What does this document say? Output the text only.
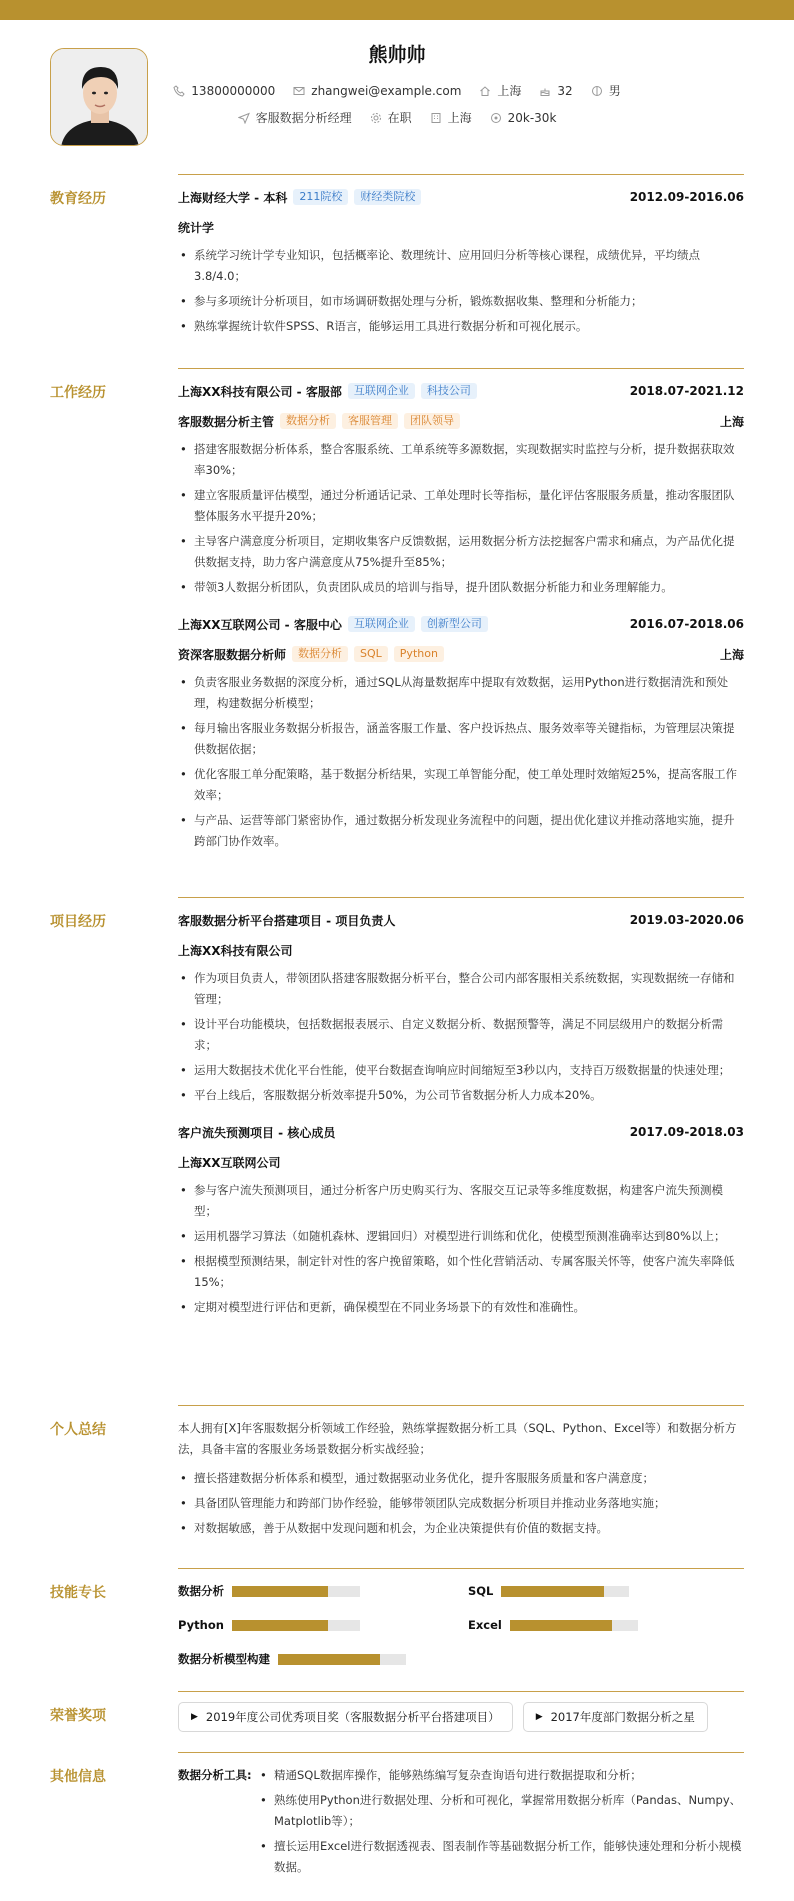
熊帅帅
13800000000	zhangwei@example.com	上海	32	男
客服数据分析经理	在职	上海	20k-30k
教育经历	上海财经大学 - 本科	211院校	财经类院校	2012.09-2016.06
统计学
• 系统学习统计学专业知识，包括概率论、数理统计、应用回归分析等核心课程，成绩优异，平均绩点3.8/4.0；
• 参与多项统计分析项目，如市场调研数据处理与分析，锻炼数据收集、整理和分析能力；
• 熟练掌握统计软件SPSS、R语言，能够运用工具进行数据分析和可视化展示。
工作经历	上海XX科技有限公司 - 客服部	互联网企业	科技公司	2018.07-2021.12
客服数据分析主管	数据分析	客服管理	团队领导	上海
• 搭建客服数据分析体系，整合客服系统、工单系统等多源数据，实现数据实时监控与分析，提升数据获取效率30%；
• 建立客服质量评估模型，通过分析通话记录、工单处理时长等指标，量化评估客服服务质量，推动客服团队整体服务水平提升20%；
• 主导客户满意度分析项目，定期收集客户反馈数据，运用数据分析方法挖掘客户需求和痛点，为产品优化提供数据支持，助力客户满意度从75%提升至85%；
• 带领3人数据分析团队，负责团队成员的培训与指导，提升团队数据分析能力和业务理解能力。
上海XX互联网公司 - 客服中心	互联网企业	创新型公司	2016.07-2018.06
资深客服数据分析师	数据分析	SQL	Python	上海
• 负责客服业务数据的深度分析，通过SQL从海量数据库中提取有效数据，运用Python进行数据清洗和预处理，构建数据分析模型；
• 每月输出客服业务数据分析报告，涵盖客服工作量、客户投诉热点、服务效率等关键指标，为管理层决策提供数据依据；
• 优化客服工单分配策略，基于数据分析结果，实现工单智能分配，使工单处理时效缩短25%，提高客服工作效率；
• 与产品、运营等部门紧密协作，通过数据分析发现业务流程中的问题，提出优化建议并推动落地实施，提升跨部门协作效率。
项目经历	客服数据分析平台搭建项目 - 项目负责人	2019.03-2020.06
上海XX科技有限公司
• 作为项目负责人，带领团队搭建客服数据分析平台，整合公司内部客服相关系统数据，实现数据统一存储和管理；
• 设计平台功能模块，包括数据报表展示、自定义数据分析、数据预警等，满足不同层级用户的数据分析需求；
• 运用大数据技术优化平台性能，使平台数据查询响应时间缩短至3秒以内，支持百万级数据量的快速处理；
• 平台上线后，客服数据分析效率提升50%，为公司节省数据分析人力成本20%。
客户流失预测项目 - 核心成员	2017.09-2018.03
上海XX互联网公司
• 参与客户流失预测项目，通过分析客户历史购买行为、客服交互记录等多维度数据，构建客户流失预测模型；
• 运用机器学习算法（如随机森林、逻辑回归）对模型进行训练和优化，使模型预测准确率达到80%以上；
• 根据模型预测结果，制定针对性的客户挽留策略，如个性化营销活动、专属客服关怀等，使客户流失率降低15%；
• 定期对模型进行评估和更新，确保模型在不同业务场景下的有效性和准确性。
个人总结	本人拥有[X]年客服数据分析领域工作经验，熟练掌握数据分析工具（SQL、Python、Excel等）和数据分析方法，具备丰富的客服业务场景数据分析实战经验；

• 擅长搭建数据分析体系和模型，通过数据驱动业务优化，提升客服服务质量和客户满意度；
• 具备团队管理能力和跨部门协作经验，能够带领团队完成数据分析项目并推动业务落地实施；
• 对数据敏感，善于从数据中发现问题和机会，为企业决策提供有价值的数据支持。
技能专长	数据分析	SQL
Python	Excel
数据分析模型构建
荣誉奖项	▶ 2019年度公司优秀项目奖（客服数据分析平台搭建项目）	▶ 2017年度部门数据分析之星
其他信息	数据分析工具:
•	精通SQL数据库操作，能够熟练编写复杂查询语句进行数据提取和分析；
• 熟练使用Python进行数据处理、分析和可视化，掌握常用数据分析库（Pandas、Numpy、Matplotlib等）；
• 擅长运用Excel进行数据透视表、图表制作等基础数据分析工作，能够快速处理和分析小规模数据。
